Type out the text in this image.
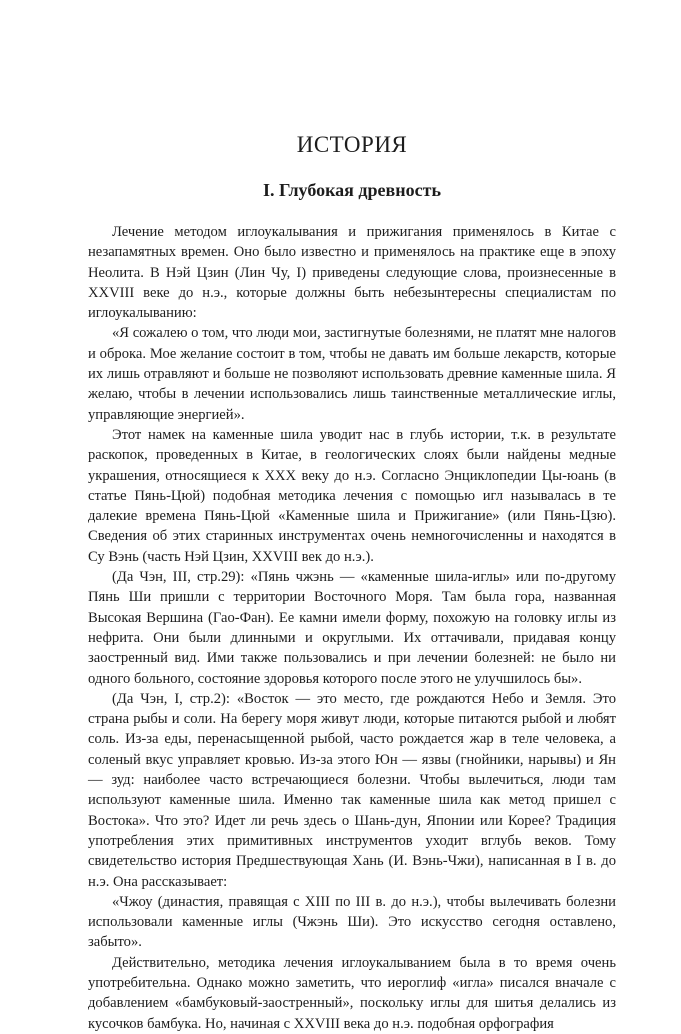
ИСТОРИЯ
I. Глубокая древность

Лечение методом иглоукалывания и прижигания применялось в Китае с незапамятных времен. Оно было известно и применялось на практике еще в эпоху Неолита. В Нэй Цзин (Лин Чу, I) приведены следующие слова, произнесенные в XXVIII веке до н.э., которые должны быть небезынтересны специалистам по иглоукалыванию:

«Я сожалею о том, что люди мои, застигнутые болезнями, не платят мне налогов и оброка. Мое желание состоит в том, чтобы не давать им больше лекарств, которые их лишь отравляют и больше не позволяют использовать древние каменные шила. Я желаю, чтобы в лечении использовались лишь таинственные металлические иглы, управляющие энергией».

Этот намек на каменные шила уводит нас в глубь истории, т.к. в результате раскопок, проведенных в Китае, в геологических слоях были найдены медные украшения, относящиеся к XXX веку до н.э. Согласно Энциклопедии Цы-юань (в статье Пянь-Цюй) подобная методика лечения с помощью игл называлась в те далекие времена Пянь-Цюй «Каменные шила и Прижигание» (или Пянь-Цзю). Сведения об этих старинных инструментах очень немногочисленны и находятся в Су Вэнь (часть Нэй Цзин, XXVIII век до н.э.).

(Да Чэн, III, стр.29): «Пянь чжэнь — «каменные шила-иглы» или по-другому Пянь Ши пришли с территории Восточного Моря. Там была гора, названная Высокая Вершина (Гао-Фан). Ее камни имели форму, похожую на головку иглы из нефрита. Они были длинными и округлыми. Их оттачивали, придавая концу заостренный вид. Ими также пользовались и при лечении болезней: не было ни одного больного, состояние здоровья которого после этого не улучшилось бы».

(Да Чэн, I, стр.2): «Восток — это место, где рождаются Небо и Земля. Это страна рыбы и соли. На берегу моря живут люди, которые питаются рыбой и любят соль. Из-за еды, перенасыщенной рыбой, часто рождается жар в теле человека, а соленый вкус управляет кровью. Из-за этого Юн — язвы (гнойники, нарывы) и Ян — зуд: наиболее часто встречающиеся болезни. Чтобы вылечиться, люди там используют каменные шила. Именно так каменные шила как метод пришел с Востока». Что это? Идет ли речь здесь о Шань-дун, Японии или Корее? Традиция употребления этих примитивных инструментов уходит вглубь веков. Тому свидетельство история Предшествующая Хань (И. Вэнь-Чжи), написанная в I в. до н.э. Она рассказывает:

«Чжоу (династия, правящая с XIII по III в. до н.э.), чтобы вылечивать болезни использовали каменные иглы (Чжэнь Ши). Это искусство сегодня оставлено, забыто».

Действительно, методика лечения иглоукалыванием была в то время очень употребительна. Однако можно заметить, что иероглиф «игла» писался вначале с добавлением «бамбуковый-заостренный», поскольку иглы для шитья делались из кусочков бамбука. Но, начиная с XXVIII века до н.э. подобная орфография
